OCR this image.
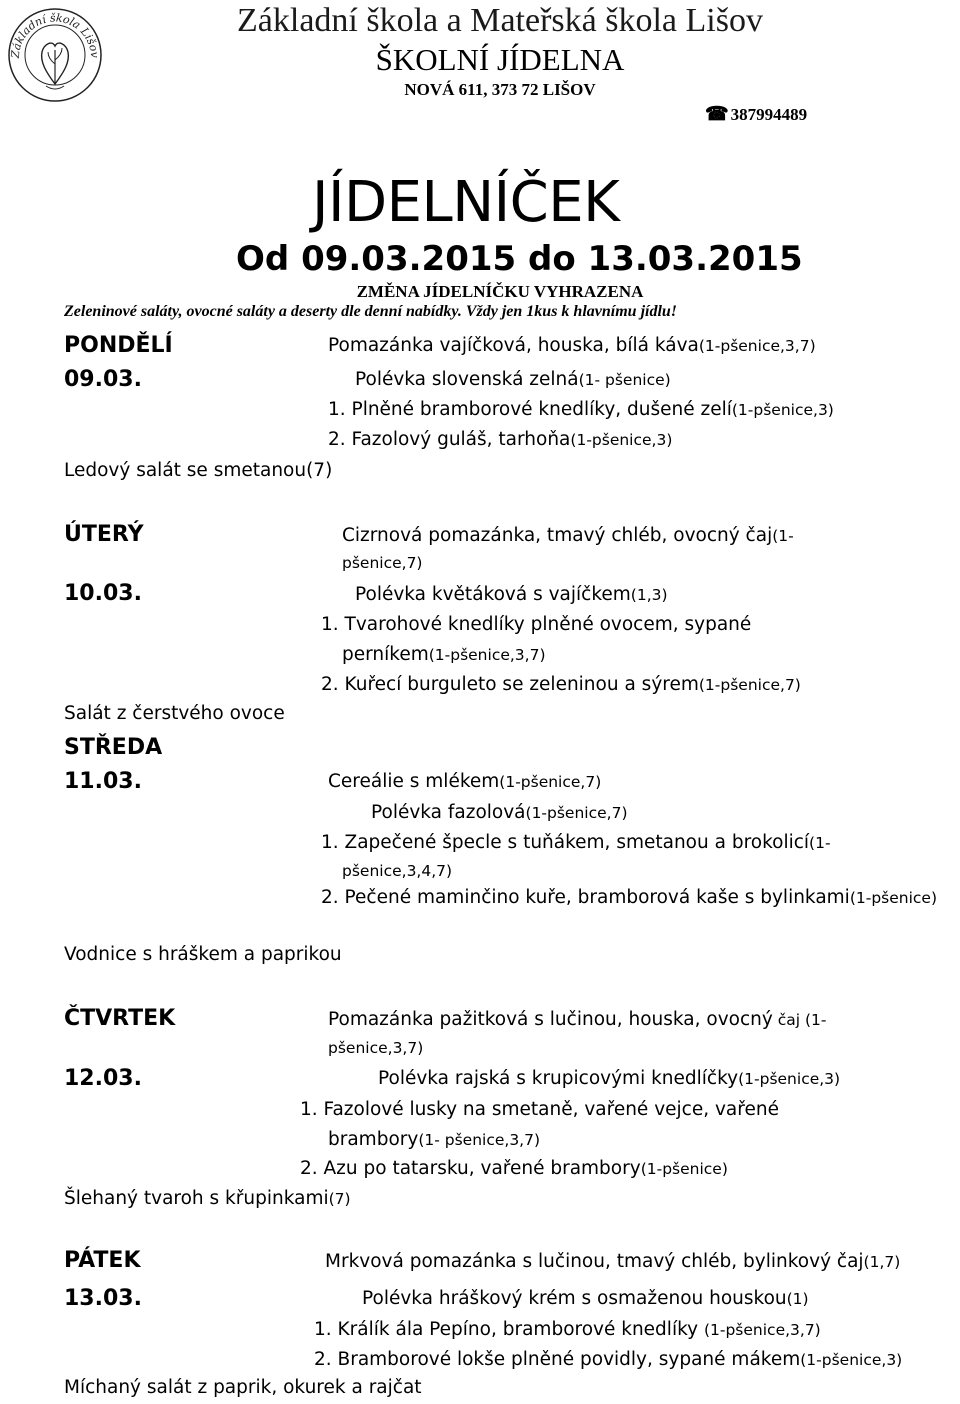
Základní škola Lišov
Základní škola a Mateřská škola Lišov
ŠKOLNÍ JÍDELNA
NOVÁ 611, 373 72 LIŠOV
☎ 387994489
JÍDELNÍČEK
Od 09.03.2015 do 13.03.2015
ZMĚNA JÍDELNÍČKU VYHRAZENA
Zeleninové saláty, ovocné saláty a deserty dle denní nabídky. Vždy jen 1kus k hlavnímu jídlu!
PONDĚLÍ	Pomazánka vajíčková, houska, bílá káva(1-pšenice,3,7)
09.03.	Polévka slovenská zelná(1- pšenice)
1. Plněné bramborové knedlíky, dušené zelí(1-pšenice,3)
2. Fazolový guláš, tarhoňa(1-pšenice,3)
Ledový salát se smetanou(7)
ÚTERÝ	Cizrnová pomazánka, tmavý chléb, ovocný čaj(1-
pšenice,7)
10.03.	Polévka květáková s vajíčkem(1,3)
1. Tvarohové knedlíky plněné ovocem, sypané
perníkem(1-pšenice,3,7)
2. Kuřecí burguleto se zeleninou a sýrem(1-pšenice,7)
Salát z čerstvého ovoce
STŘEDA
11.03.	Cereálie s mlékem(1-pšenice,7)
Polévka fazolová(1-pšenice,7)
1. Zapečené špecle s tuňákem, smetanou a brokolicí(1-
pšenice,3,4,7)
2. Pečené maminčino kuře, bramborová kaše s bylinkami(1-pšenice)
Vodnice s hráškem a paprikou
ČTVRTEK	Pomazánka pažitková s lučinou, houska, ovocný čaj (1-
pšenice,3,7)
12.03.	Polévka rajská s krupicovými knedlíčky(1-pšenice,3)
1. Fazolové lusky na smetaně, vařené vejce, vařené
brambory(1- pšenice,3,7)
2. Azu po tatarsku, vařené brambory(1-pšenice)
Šlehaný tvaroh s křupinkami(7)
PÁTEK	Mrkvová pomazánka s lučinou, tmavý chléb, bylinkový čaj(1,7)
13.03.	Polévka hráškový krém s osmaženou houskou(1)
1. Králík ála Pepíno, bramborové knedlíky (1-pšenice,3,7)
2. Bramborové lokše plněné povidly, sypané mákem(1-pšenice,3)
Míchaný salát z paprik, okurek a rajčat
